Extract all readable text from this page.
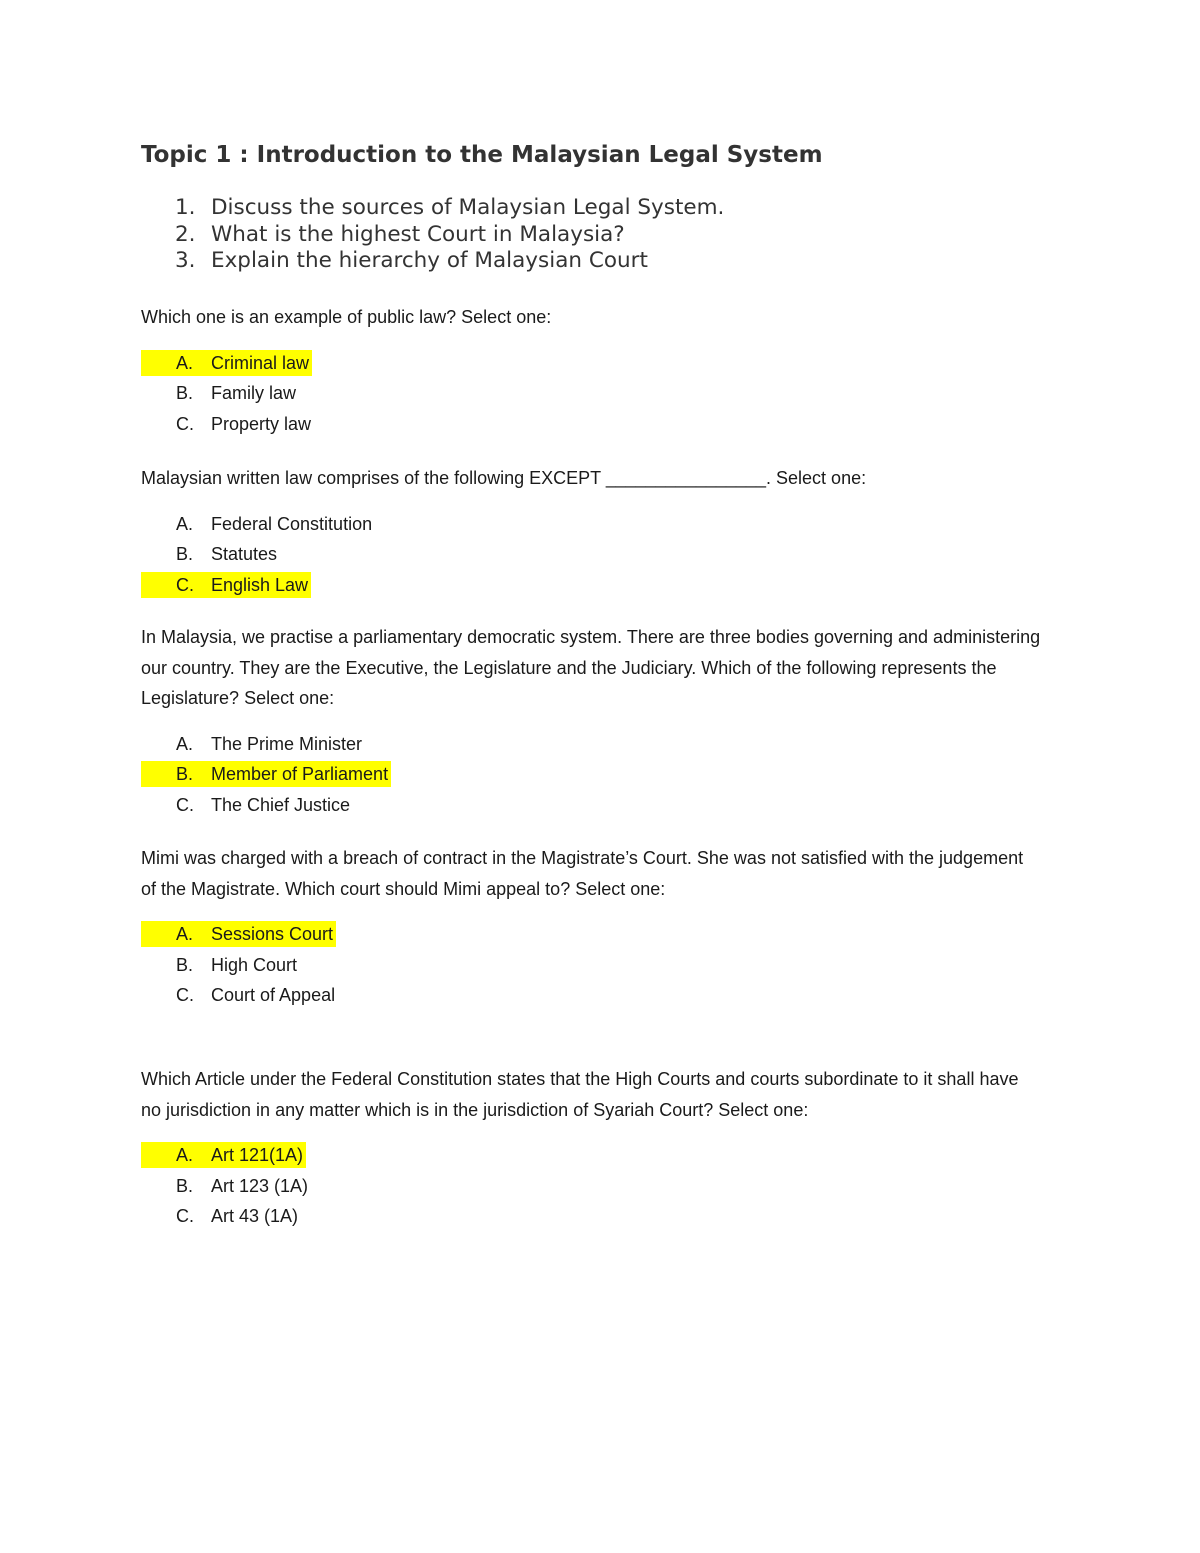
Topic 1 : Introduction to the Malaysian Legal System
1. Discuss the sources of Malaysian Legal System.
2. What is the highest Court in Malaysia?
3. Explain the hierarchy of Malaysian Court

Which one is an example of public law? Select one:

A. Criminal law
B. Family law
C. Property law

Malaysian written law comprises of the following EXCEPT ________________. Select one:

A. Federal Constitution
B. Statutes
C. English Law

In Malaysia, we practise a parliamentary democratic system. There are three bodies governing and administering our country. They are the Executive, the Legislature and the Judiciary. Which of the following represents the Legislature? Select one:

A. The Prime Minister
B. Member of Parliament
C. The Chief Justice

Mimi was charged with a breach of contract in the Magistrate’s Court. She was not satisfied with the judgement of the Magistrate. Which court should Mimi appeal to? Select one:

A. Sessions Court
B. High Court
C. Court of Appeal

Which Article under the Federal Constitution states that the High Courts and courts subordinate to it shall have no jurisdiction in any matter which is in the jurisdiction of Syariah Court? Select one:

A. Art 121(1A)
B. Art 123 (1A)
C. Art 43 (1A)
